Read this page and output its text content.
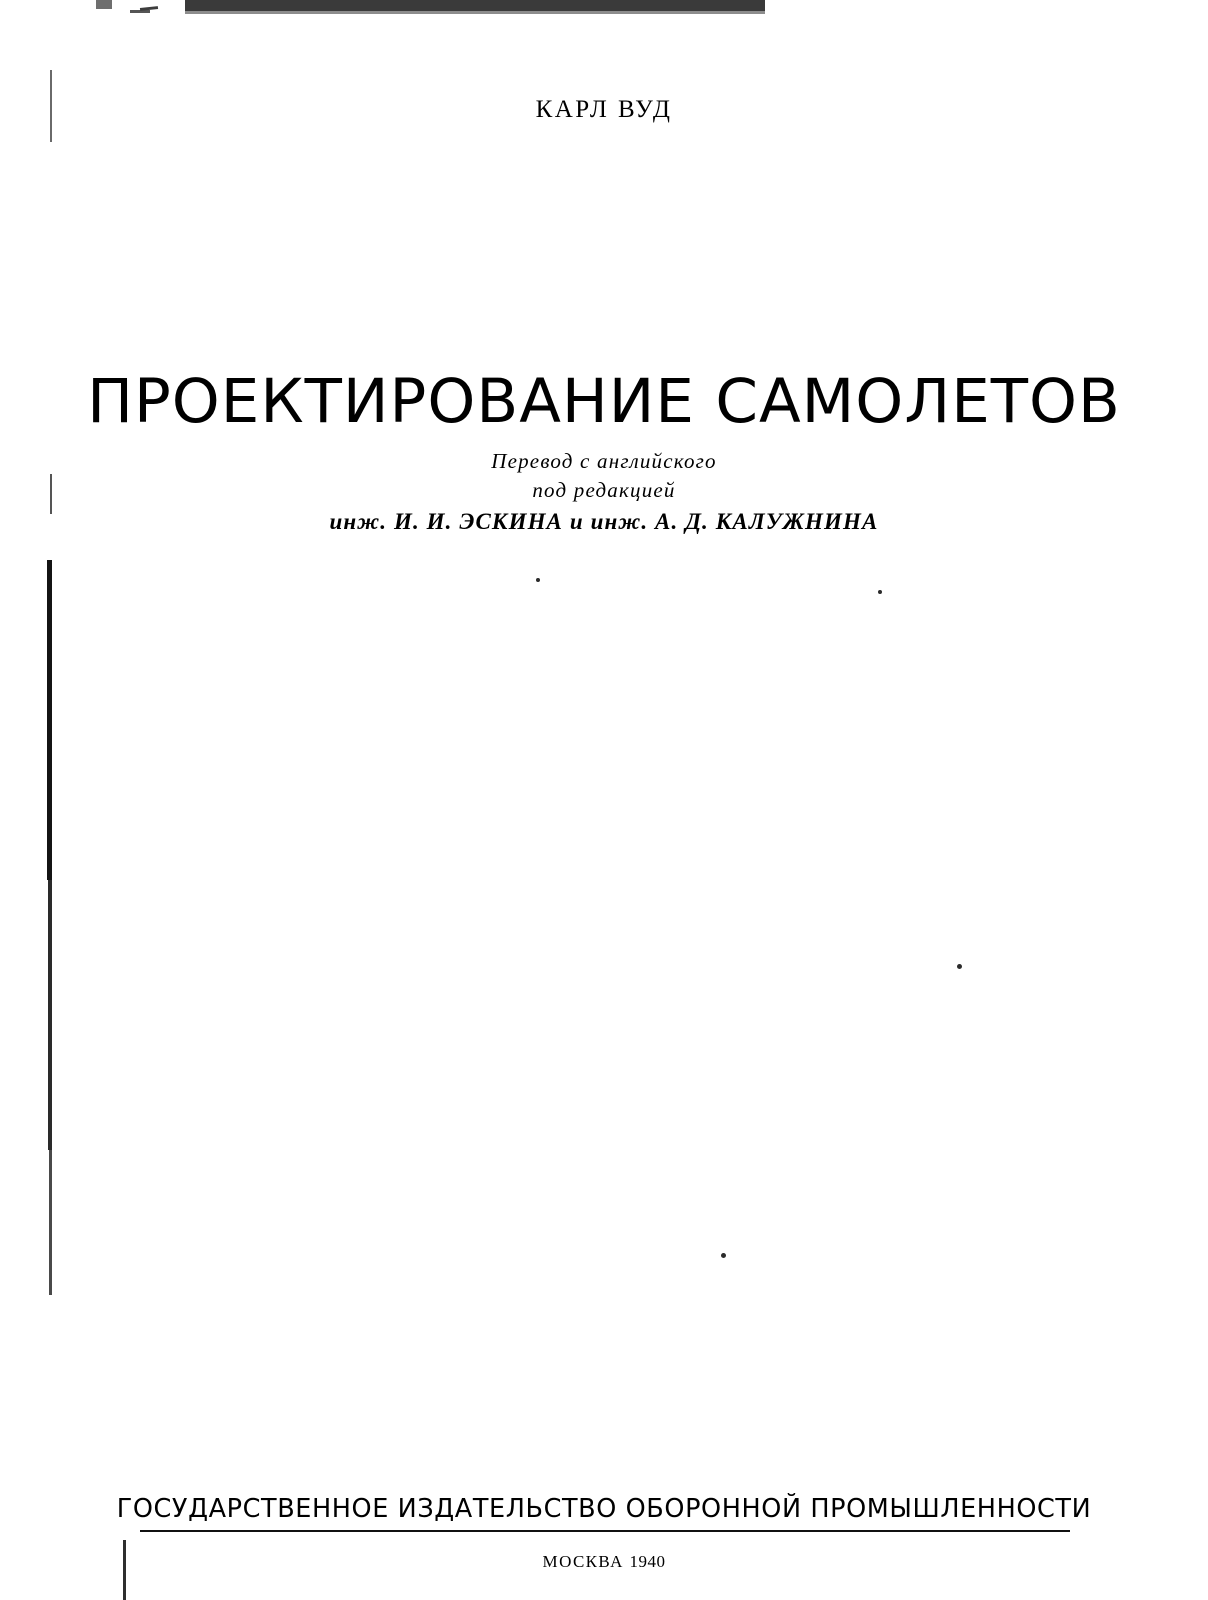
КАРЛ ВУД
ПРОЕКТИРОВАНИЕ САМОЛЕТОВ
Перевод с английского
под редакцией
инж. И. И. ЭСКИНА и инж. А. Д. КАЛУЖНИНА
ГОСУДАРСТВЕННОЕ ИЗДАТЕЛЬСТВО ОБОРОННОЙ ПРОМЫШЛЕННОСТИ
МОСКВА 1940
